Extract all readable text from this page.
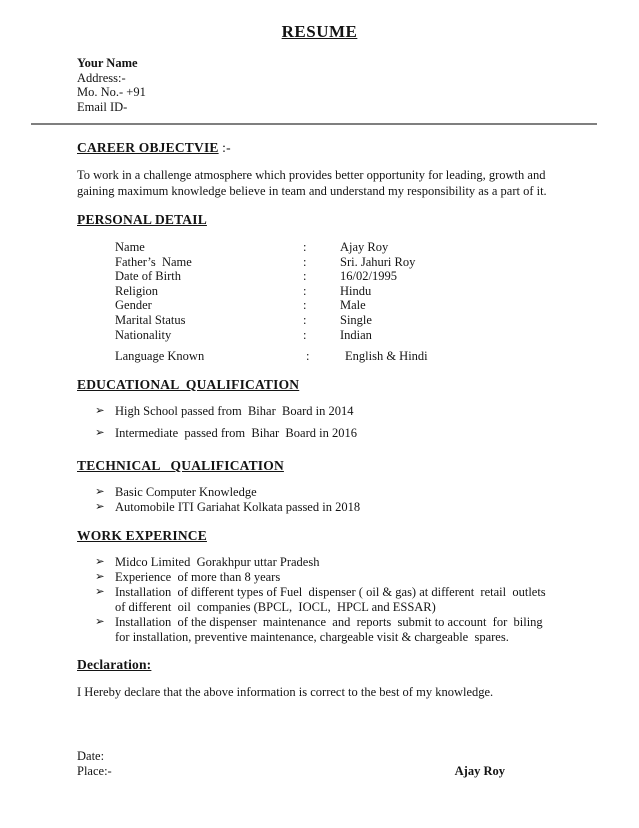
RESUME
Your Name
Address:-
Mo. No.- +91
Email ID-
CAREER OBJECTVIE :-

To work in a challenge atmosphere which provides better opportunity for leading, growth and gaining maximum knowledge believe in team and understand my responsibility as a part of it.

PERSONAL DETAIL
Name	:	Ajay Roy
Father’s  Name	:	Sri. Jahuri Roy
Date of Birth	:	16/02/1995
Religion	:	Hindu
Gender	:	Male
Marital Status	:	Single
Nationality	:	Indian
Language Known	:	English & Hindi
EDUCATIONAL  QUALIFICATION
➢ High School passed from  Bihar  Board in 2014
➢ Intermediate  passed from  Bihar  Board in 2016
TECHNICAL   QUALIFICATION
➢ Basic Computer Knowledge
➢ Automobile ITI Gariahat Kolkata passed in 2018
WORK EXPERINCE
➢ Midco Limited  Gorakhpur uttar Pradesh
➢ Experience  of more than 8 years
➢ Installation  of different types of Fuel  dispenser ( oil & gas) at different  retail  outlets  of different  oil  companies (BPCL,  IOCL,  HPCL and ESSAR)
➢ Installation  of the dispenser  maintenance  and  reports  submit to account  for  biling  for installation, preventive maintenance, chargeable visit & chargeable  spares.
Declaration:

I Hereby declare that the above information is correct to the best of my knowledge.

Date:
Place:-	Ajay Roy
